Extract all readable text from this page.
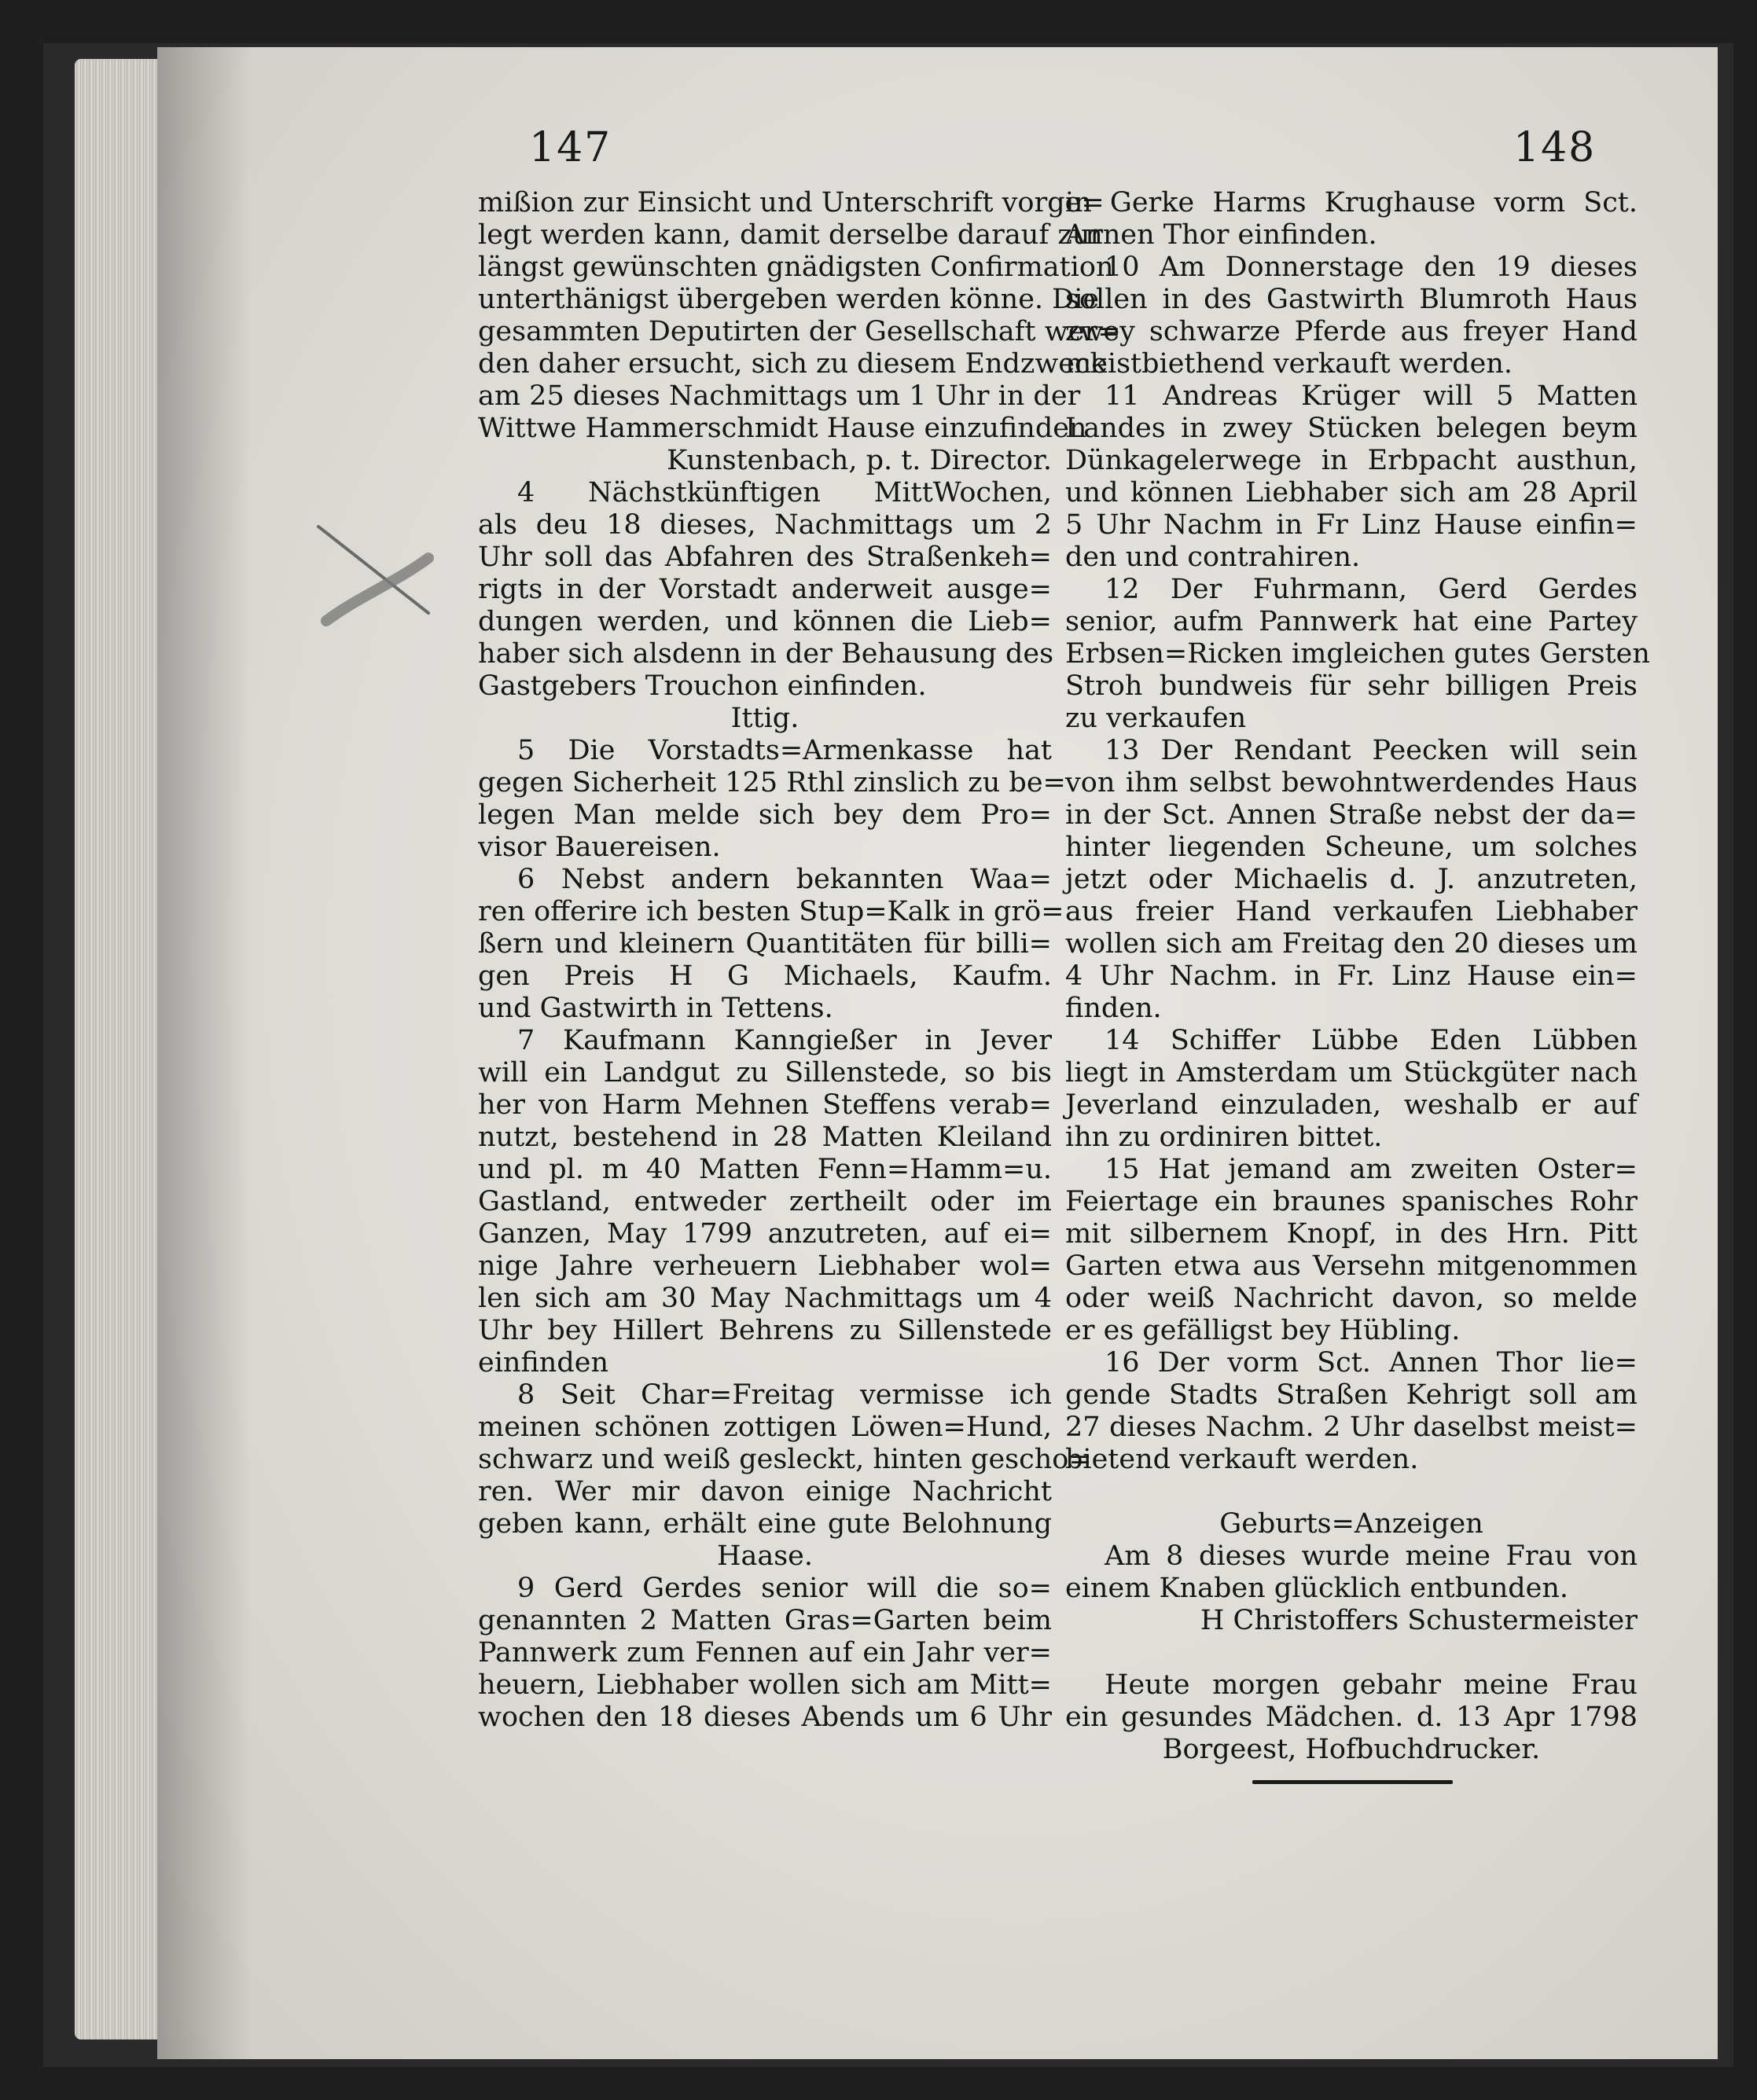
147	148
mißion zur Einsicht und Unterschrift vorge=
legt werden kann, damit derselbe darauf zur
längst gewünschten gnädigsten Confirmation
unterthänigst übergeben werden könne. Die
gesammten Deputirten der Gesellschaft wer=
den daher ersucht, sich zu diesem Endzweck
am 25 dieses Nachmittags um 1 Uhr in der
Wittwe Hammerschmidt Hause einzufinden
Kunstenbach, p. t. Director.
4 Nächstkünftigen MittWochen,
als deu 18 dieses, Nachmittags um 2
Uhr soll das Abfahren des Straßenkeh=
rigts in der Vorstadt anderweit ausge=
dungen werden, und können die Lieb=
haber sich alsdenn in der Behausung des
Gastgebers Trouchon einfinden.
Ittig.
5 Die Vorstadts=Armenkasse hat
gegen Sicherheit 125 Rthl zinslich zu be=
legen Man melde sich bey dem Pro=
visor Bauereisen.
6 Nebst andern bekannten Waa=
ren offerire ich besten Stup=Kalk in grö=
ßern und kleinern Quantitäten für billi=
gen Preis H G Michaels, Kaufm.
und Gastwirth in Tettens.
7 Kaufmann Kanngießer in Jever
will ein Landgut zu Sillenstede, so bis
her von Harm Mehnen Steffens verab=
nutzt, bestehend in 28 Matten Kleiland
und pl. m 40 Matten Fenn=Hamm=u.
Gastland, entweder zertheilt oder im
Ganzen, May 1799 anzutreten, auf ei=
nige Jahre verheuern Liebhaber wol=
len sich am 30 May Nachmittags um 4
Uhr bey Hillert Behrens zu Sillenstede
einfinden
8 Seit Char=Freitag vermisse ich
meinen schönen zottigen Löwen=Hund,
schwarz und weiß gesleckt, hinten gescho=
ren. Wer mir davon einige Nachricht
geben kann, erhält eine gute Belohnung
Haase.
9 Gerd Gerdes senior will die so=
genannten 2 Matten Gras=Garten beim
Pannwerk zum Fennen auf ein Jahr ver=
heuern, Liebhaber wollen sich am Mitt=
wochen den 18 dieses Abends um 6 Uhr
in Gerke Harms Krughause vorm Sct.
Annen Thor einfinden.
10 Am Donnerstage den 19 dieses
sollen in des Gastwirth Blumroth Haus
zwey schwarze Pferde aus freyer Hand
meistbiethend verkauft werden.
11 Andreas Krüger will 5 Matten
Landes in zwey Stücken belegen beym
Dünkagelerwege in Erbpacht austhun,
und können Liebhaber sich am 28 April
5 Uhr Nachm in Fr Linz Hause einfin=
den und contrahiren.
12 Der Fuhrmann, Gerd Gerdes
senior, aufm Pannwerk hat eine Partey
Erbsen=Ricken imgleichen gutes Gersten
Stroh bundweis für sehr billigen Preis
zu verkaufen
13 Der Rendant Peecken will sein
von ihm selbst bewohntwerdendes Haus
in der Sct. Annen Straße nebst der da=
hinter liegenden Scheune, um solches
jetzt oder Michaelis d. J. anzutreten,
aus freier Hand verkaufen Liebhaber
wollen sich am Freitag den 20 dieses um
4 Uhr Nachm. in Fr. Linz Hause ein=
finden.
14 Schiffer Lübbe Eden Lübben
liegt in Amsterdam um Stückgüter nach
Jeverland einzuladen, weshalb er auf
ihn zu ordiniren bittet.
15 Hat jemand am zweiten Oster=
Feiertage ein braunes spanisches Rohr
mit silbernem Knopf, in des Hrn. Pitt
Garten etwa aus Versehn mitgenommen
oder weiß Nachricht davon, so melde
er es gefälligst bey Hübling.
16 Der vorm Sct. Annen Thor lie=
gende Stadts Straßen Kehrigt soll am
27 dieses Nachm. 2 Uhr daselbst meist=
bietend verkauft werden.
Geburts=Anzeigen
Am 8 dieses wurde meine Frau von
einem Knaben glücklich entbunden.
H Christoffers Schustermeister
Heute morgen gebahr meine Frau
ein gesundes Mädchen. d. 13 Apr 1798
Borgeest, Hofbuchdrucker.
